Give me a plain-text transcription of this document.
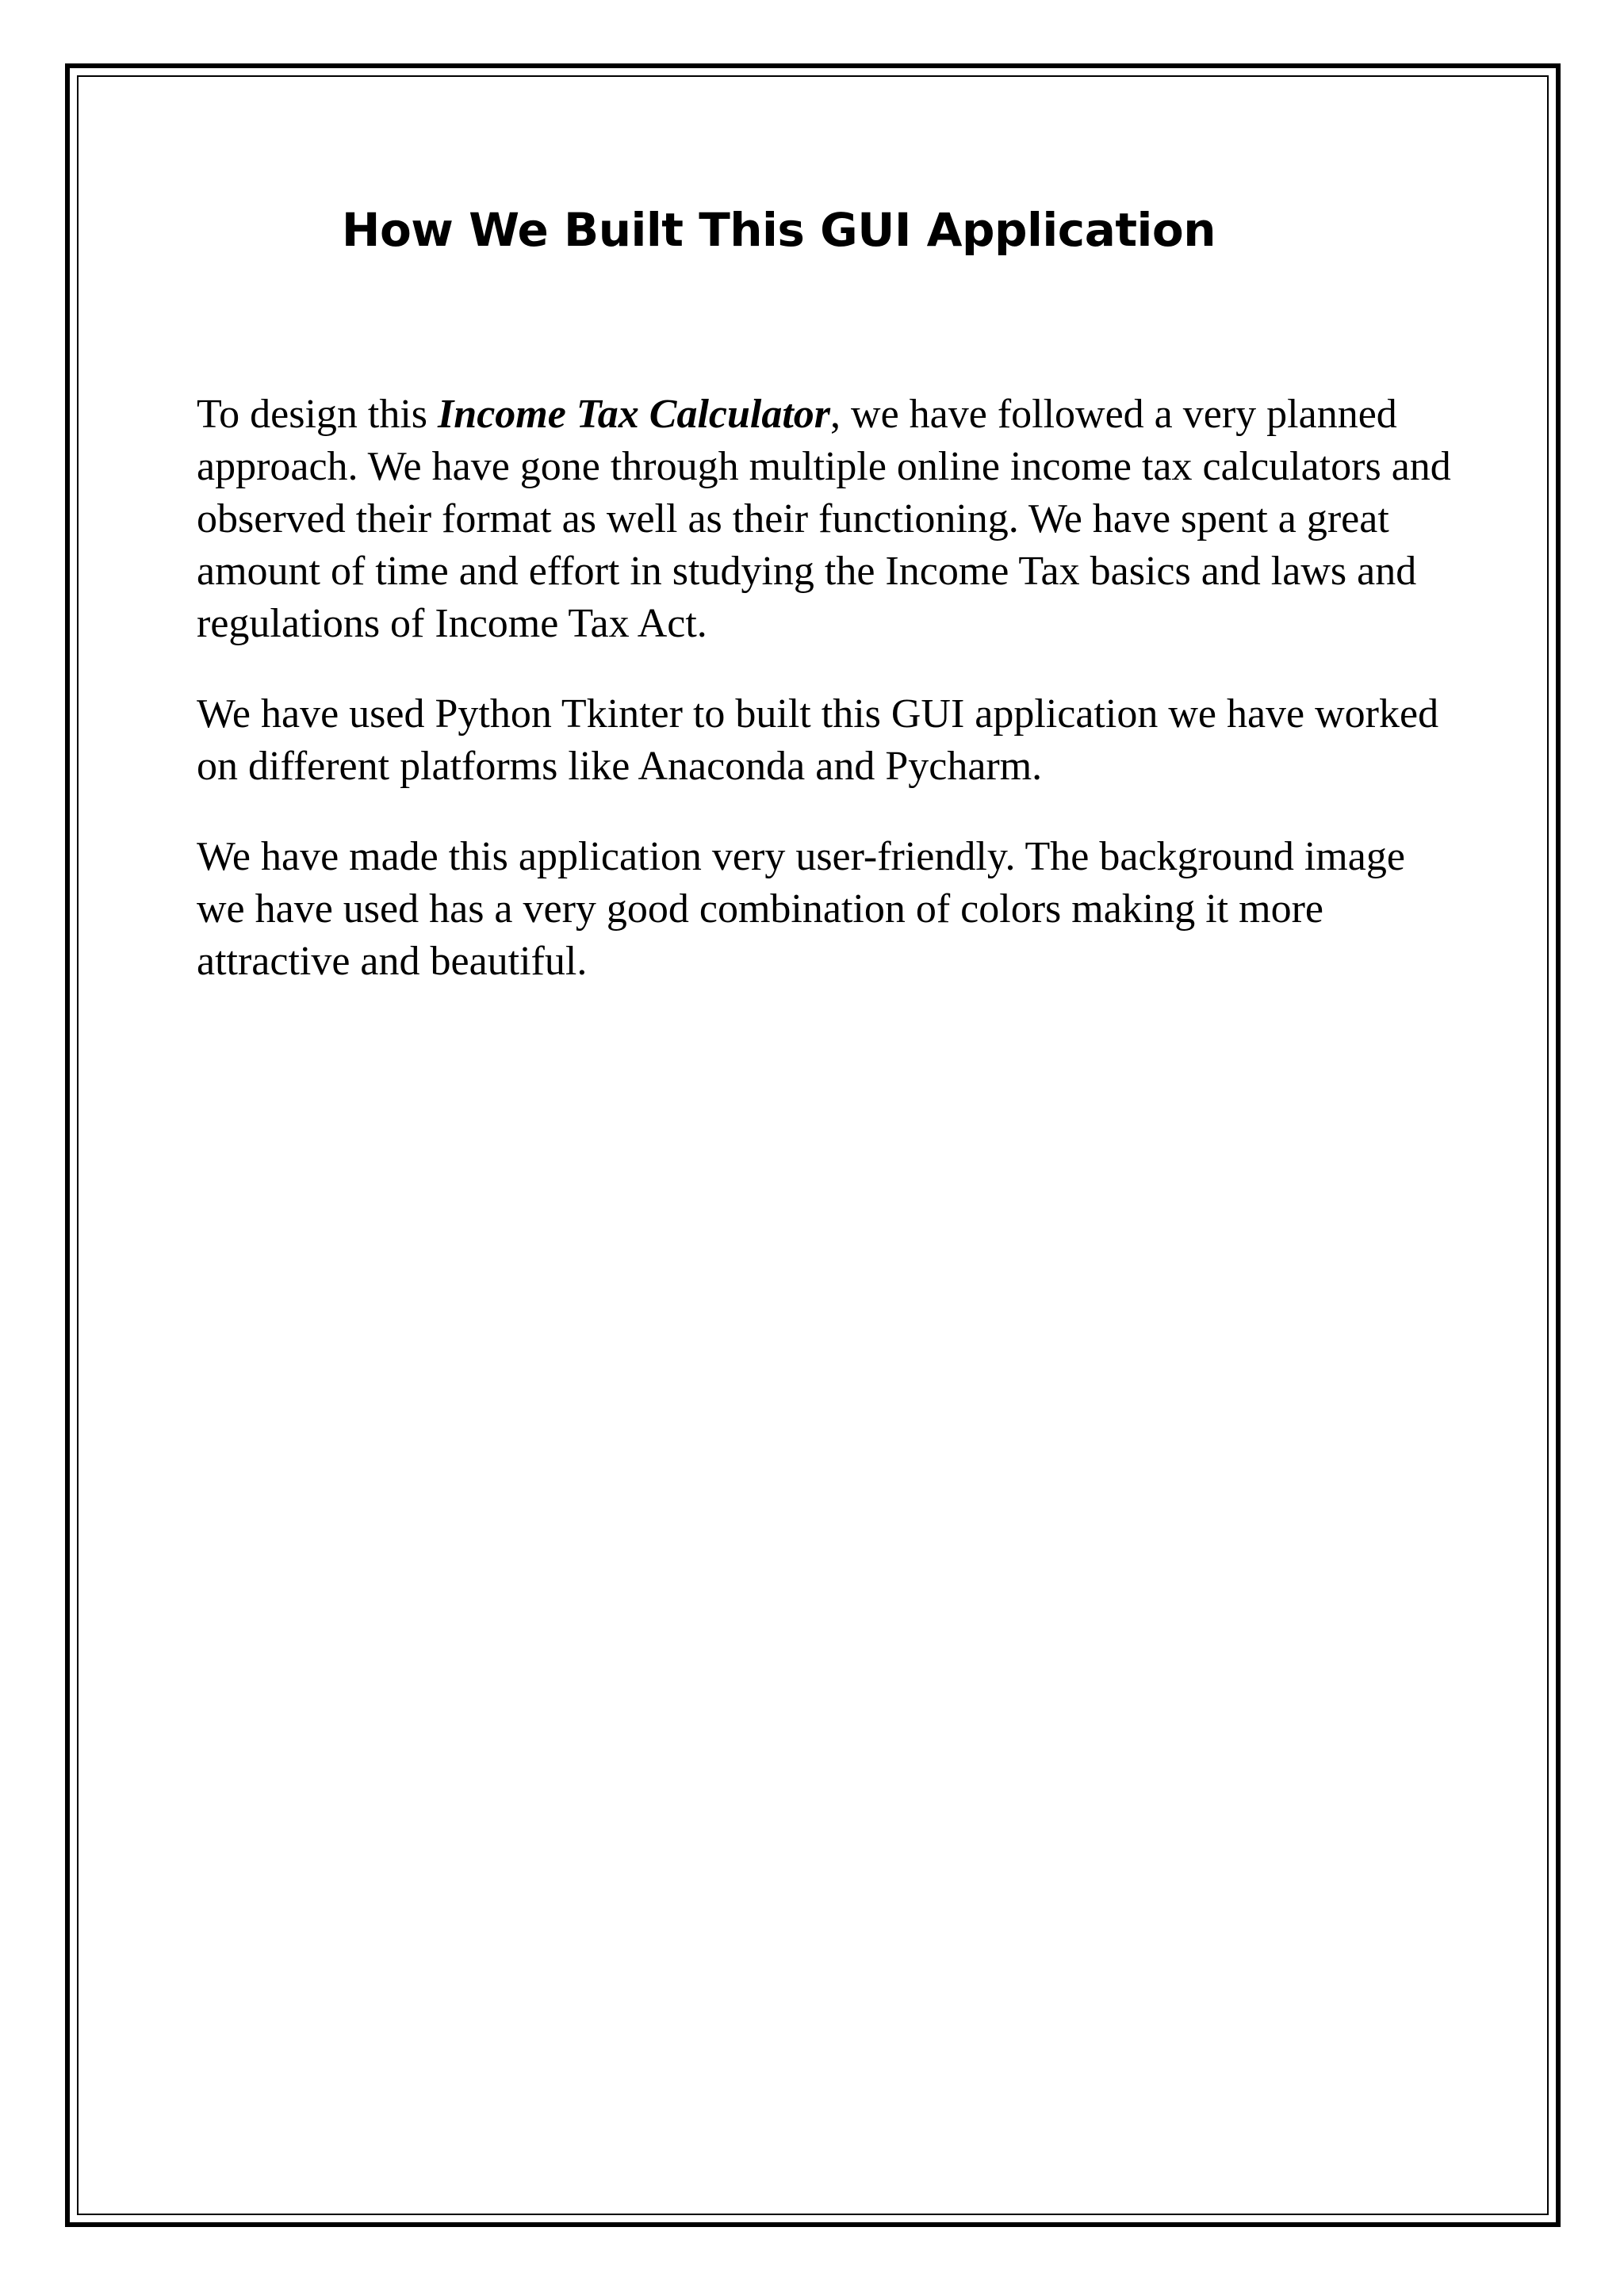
How We Built This GUI Application

To design this Income Tax Calculator, we have followed a very planned approach. We have gone through multiple online income tax calculators and observed their format as well as their functioning. We have spent a great amount of time and effort in studying the Income Tax basics and laws and regulations of Income Tax Act.

We have used Python Tkinter to built this GUI application we have worked on different platforms like Anaconda and Pycharm.

We have made this application very user-friendly. The background image we have used has a very good combination of colors making it more attractive and beautiful.
